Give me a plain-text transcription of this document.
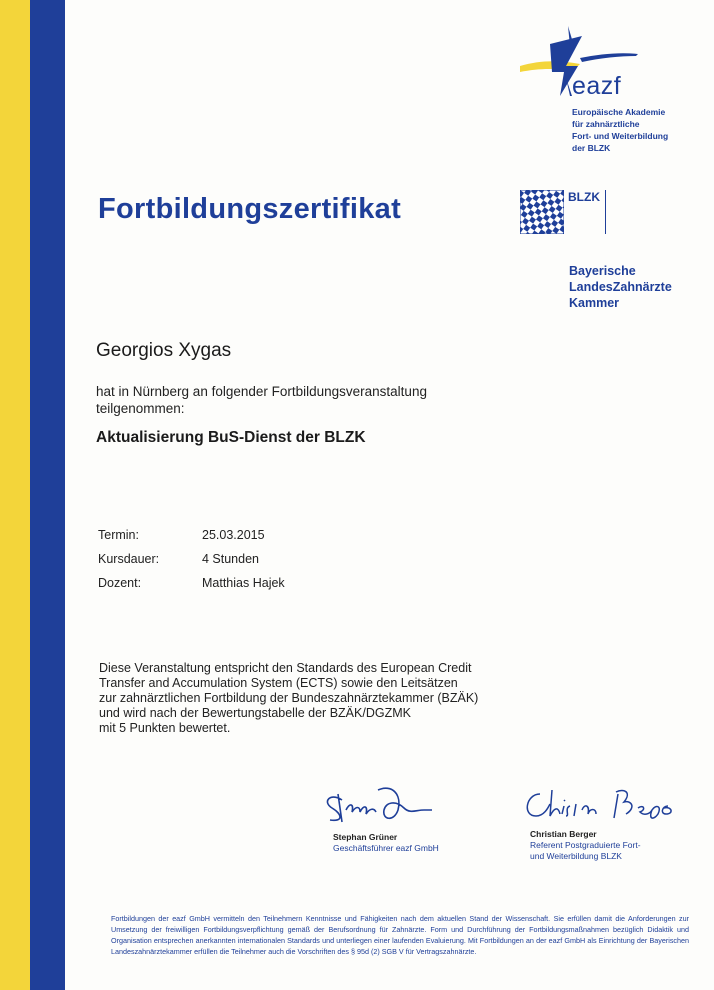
eazf
Europäische Akademie
für zahnärztliche
Fort- und Weiterbildung
der BLZK
BLZK
Bayerische
LandesZahnärzte
Kammer
Fortbildungszertifikat
Georgios Xygas
hat in Nürnberg an folgender Fortbildungsveranstaltung
teilgenommen:
Aktualisierung BuS-Dienst der BLZK
Termin:	25.03.2015
Kursdauer:	4 Stunden
Dozent:	Matthias Hajek
Diese Veranstaltung entspricht den Standards des European Credit
Transfer and Accumulation System (ECTS) sowie den Leitsätzen
zur zahnärztlichen Fortbildung der Bundeszahnärztekammer (BZÄK)
und wird nach der Bewertungstabelle der BZÄK/DGZMK
mit 5 Punkten bewertet.
Stephan Grüner
Geschäftsführer eazf GmbH
Christian Berger
Referent Postgraduierte Fort-
und Weiterbildung BLZK
Fortbildungen der eazf GmbH vermitteln den Teilnehmern Kenntnisse und Fähigkeiten nach dem aktuellen Stand der Wissenschaft. Sie erfüllen damit die Anforderungen zur Umsetzung der freiwilligen Fortbildungsverpflichtung gemäß der Berufsordnung für Zahnärzte. Form und Durchführung der Fortbildungsmaßnahmen bezüglich Didaktik und Organisation entsprechen anerkannten internationalen Standards und unterliegen einer laufenden Evaluierung. Mit Fortbildungen an der eazf GmbH als Einrichtung der Bayerischen Landeszahnärztekammer erfüllen die Teilnehmer auch die Vorschriften des § 95d (2) SGB V für Vertragszahnärzte.
